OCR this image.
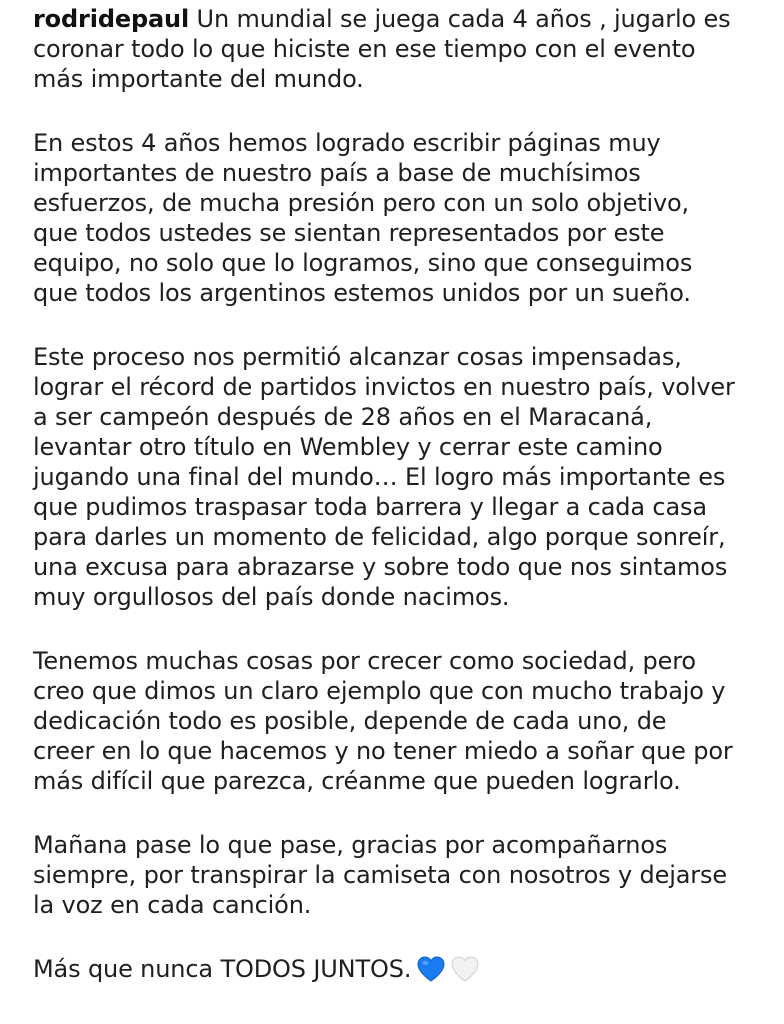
rodridepaul Un mundial se juega cada 4 años , jugarlo es
coronar todo lo que hiciste en ese tiempo con el evento
más importante del mundo.
En estos 4 años hemos logrado escribir páginas muy
importantes de nuestro país a base de muchísimos
esfuerzos, de mucha presión pero con un solo objetivo,
que todos ustedes se sientan representados por este
equipo, no solo que lo logramos, sino que conseguimos
que todos los argentinos estemos unidos por un sueño.
Este proceso nos permitió alcanzar cosas impensadas,
lograr el récord de partidos invictos en nuestro país, volver
a ser campeón después de 28 años en el Maracaná,
levantar otro título en Wembley y cerrar este camino
jugando una final del mundo… El logro más importante es
que pudimos traspasar toda barrera y llegar a cada casa
para darles un momento de felicidad, algo porque sonreír,
una excusa para abrazarse y sobre todo que nos sintamos
muy orgullosos del país donde nacimos.
Tenemos muchas cosas por crecer como sociedad, pero
creo que dimos un claro ejemplo que con mucho trabajo y
dedicación todo es posible, depende de cada uno, de
creer en lo que hacemos y no tener miedo a soñar que por
más difícil que parezca, créanme que pueden lograrlo.
Mañana pase lo que pase, gracias por acompañarnos
siempre, por transpirar la camiseta con nosotros y dejarse
la voz en cada canción.
Más que nunca TODOS JUNTOS.
